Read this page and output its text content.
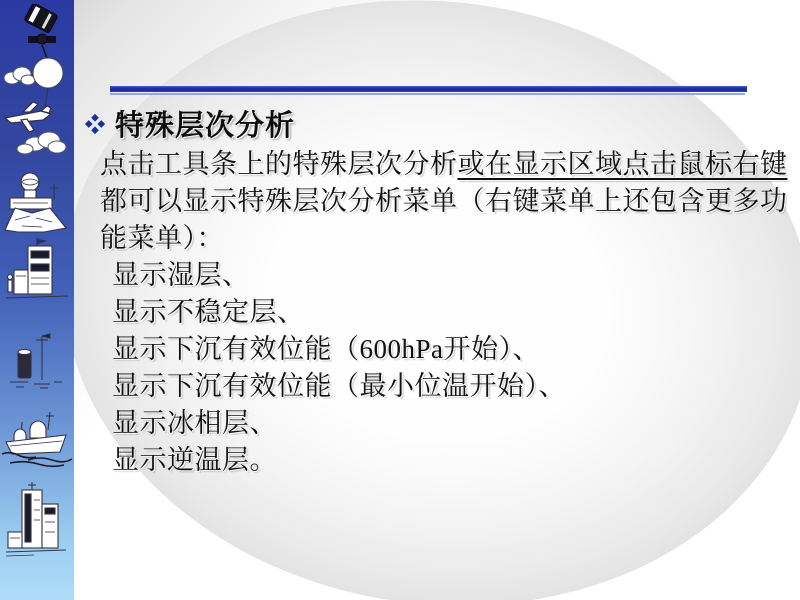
特殊层次分析
点击工具条上的特殊层次分析或在显示区域点击鼠标右键
都可以显示特殊层次分析菜单（右键菜单上还包含更多功
能菜单）：
显示湿层、
显示不稳定层、
显示下沉有效位能（600hPa开始）、
显示下沉有效位能（最小位温开始）、
显示冰相层、
显示逆温层。
